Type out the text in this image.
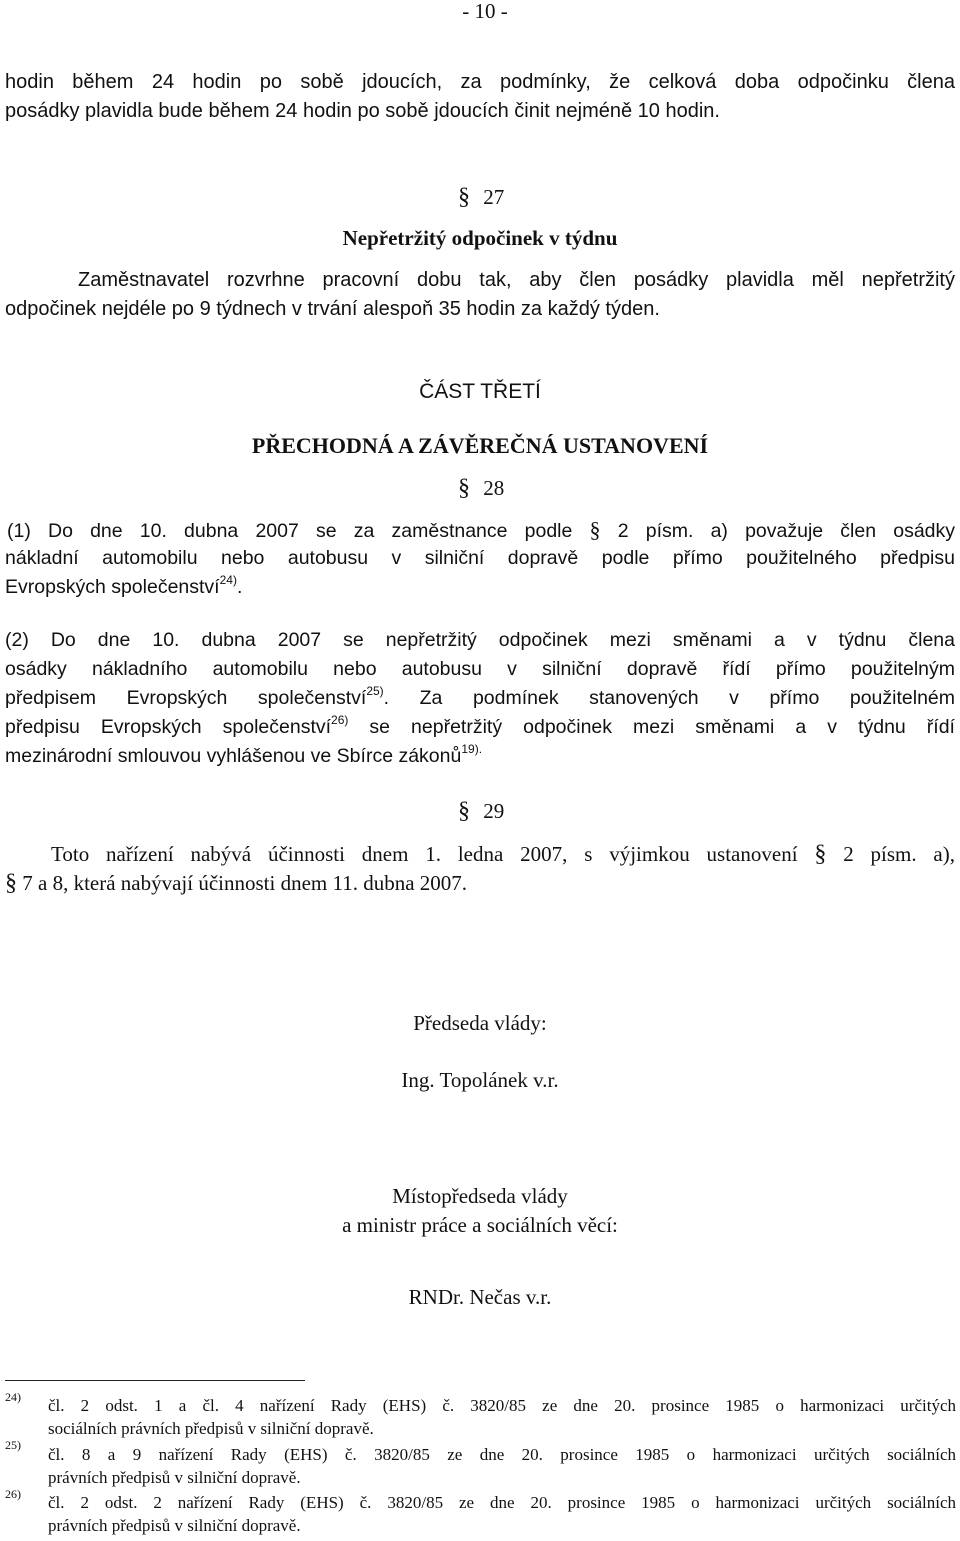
- 10 -
hodin během 24 hodin po sobě jdoucích, za podmínky, že celková doba odpočinku člena
posádky plavidla bude během 24 hodin po sobě jdoucích činit nejméně 10 hodin.
§ 27
Nepřetržitý odpočinek v týdnu
Zaměstnavatel rozvrhne pracovní dobu tak, aby člen posádky plavidla měl nepřetržitý
odpočinek nejdéle po 9 týdnech v trvání alespoň 35 hodin za každý týden.
ČÁST TŘETÍ
PŘECHODNÁ A ZÁVĚREČNÁ USTANOVENÍ
§ 28
(1) Do dne 10. dubna 2007 se za zaměstnance podle § 2 písm. a) považuje člen osádky
nákladní automobilu nebo autobusu v silniční dopravě podle přímo použitelného předpisu
Evropských společenství$^{24)}$.
(2) Do dne 10. dubna 2007 se nepřetržitý odpočinek mezi směnami a v týdnu člena
osádky nákladního automobilu nebo autobusu v silniční dopravě řídí přímo použitelným
předpisem Evropských společenství$^{25)}$. Za podmínek stanovených v přímo použitelném
předpisu Evropských společenství$^{26)}$ se nepřetržitý odpočinek mezi směnami a v týdnu řídí
mezinárodní smlouvou vyhlášenou ve Sbírce zákonů$^{19).}$
§ 29
Toto nařízení nabývá účinnosti dnem 1. ledna 2007, s výjimkou ustanovení § 2 písm. a),
§ 7 a 8, která nabývají účinnosti dnem 11. dubna 2007.
Předseda vlády:
Ing. Topolánek v.r.
Místopředseda vlády
a ministr práce a sociálních věcí:
RNDr. Nečas v.r.
24) čl. 2 odst. 1 a čl. 4 nařízení Rady (EHS) č. 3820/85 ze dne 20. prosince 1985 o harmonizaci určitých
sociálních právních předpisů v silniční dopravě.
25) čl. 8 a 9 nařízení Rady (EHS) č. 3820/85 ze dne 20. prosince 1985 o harmonizaci určitých sociálních
právních předpisů v silniční dopravě.
26) čl. 2 odst. 2 nařízení Rady (EHS) č. 3820/85 ze dne 20. prosince 1985 o harmonizaci určitých sociálních
právních předpisů v silniční dopravě.
